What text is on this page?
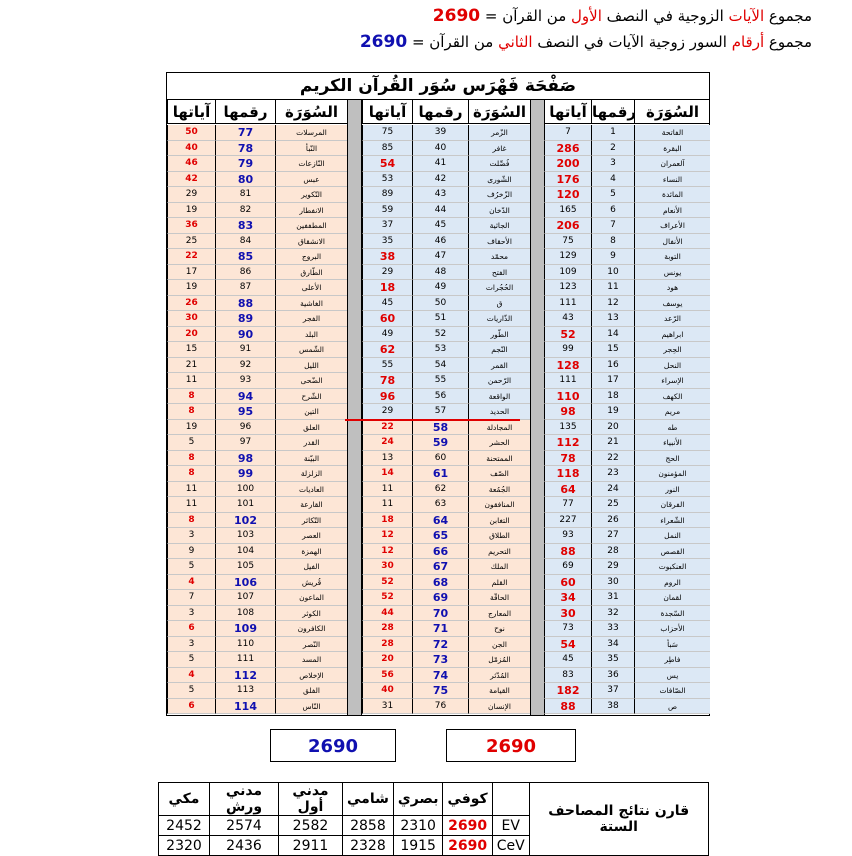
مجموع الآيات الزوجية في النصف الأول من القرآن = 2690
مجموع أرقام السور زوجية الآيات في النصف الثاني من القرآن = 2690
صَفْحَة فَهْرَس سُوَر القُرآن الكريم
آياتها رقمها	السُوَرَة
50	77	المرسلات
40	78	النّبأ
46	79	النّازعات
42	80	عبس
29	81	التّكوير
19	82	الانفطار
36	83	المطففين
25	84	الانشقاق
22	85	البروج
17	86	الطّارق
19	87	الأعلى
26	88	الغاشية
30	89	الفجر
20	90	البلد
15	91	الشّمس
21	92	الليل
11	93	الضّحى
8	94	الشّرح
8	95	التين
19	96	العلق
5	97	القدر
8	98	البيّنة
8	99	الزلزلة
11	100	العاديات
11	101	القارعة
8	102	التّكاثر
3	103	العصر
9	104	الهمزة
5	105	الفيل
4	106	قُريش
7	107	الماعون
3	108	الكوثر
6	109	الكافرون
3	110	النّصر
5	111	المسد
4	112	الإخلاص
5	113	الفلق
6	114	النّاس
آياتها رقمها السُوَرَة
75	39	الزّمر
85	40	غافر
54	41	فُصِّلت
53	42	الشّورى
89	43	الزّخرُف
59	44	الدّخان
37	45	الجاثية
35	46	الأحقاف
38	47	محمّد
29	48	الفتح
18	49	الحُجُرات
45	50	ق
60	51	الذّاريات
49	52	الطّور
62	53	النّجم
55	54	القمر
78	55	الرّحمن
96	56	الواقعة
29	57	الحديد
22	58	المجادلة
24	59	الحشر
13	60	الممتحنة
14	61	الصّف
11	62	الجُمُعة
11	63	المنافقون
18	64	التغابن
12	65	الطلاق
12	66	التحريم
30	67	الملك
52	68	القلم
52	69	الحاقّة
44	70	المعارج
28	71	نوح
28	72	الجن
20	73	المُزمّل
56	74	المُدّثر
40	75	القيامة
31	76	الإنسان
آياتها رقمها السُوَرَة
7	1	الفاتحة
286	2	البقرة
200	3	آلعمران
176	4	النساء
120	5	المائدة
165	6	الأنعام
206	7	الأعراف
75	8	الأنفال
129	9	التوبة
109	10	يونس
123	11	هود
111	12	يوسف
43	13	الرّعد
52	14	ابراهيم
99	15	الحِجر
128	16	النحل
111	17	الإسراء
110	18	الكهف
98	19	مريم
135	20	طه
112	21	الأنبياء
78	22	الحج
118	23	المؤمنون
64	24	النور
77	25	الفرقان
227	26	الشّعراء
93	27	النمل
88	28	القصص
69	29	العنكبوت
60	30	الروم
34	31	لقمان
30	32	السّجدة
73	33	الأحزاب
54	34	سَبأ
45	35	فاطِر
83	36	يس
182	37	الصّافات
88	38	ص
2690	2690
مكي	مدني ورش	مدني أول	شامي	بصري	كوفي		قارن نتائج المصاحف الستة
2452	2574	2582	2858	2310	2690	EV	
2320	2436	2911	2328	1915	2690	CeV	
